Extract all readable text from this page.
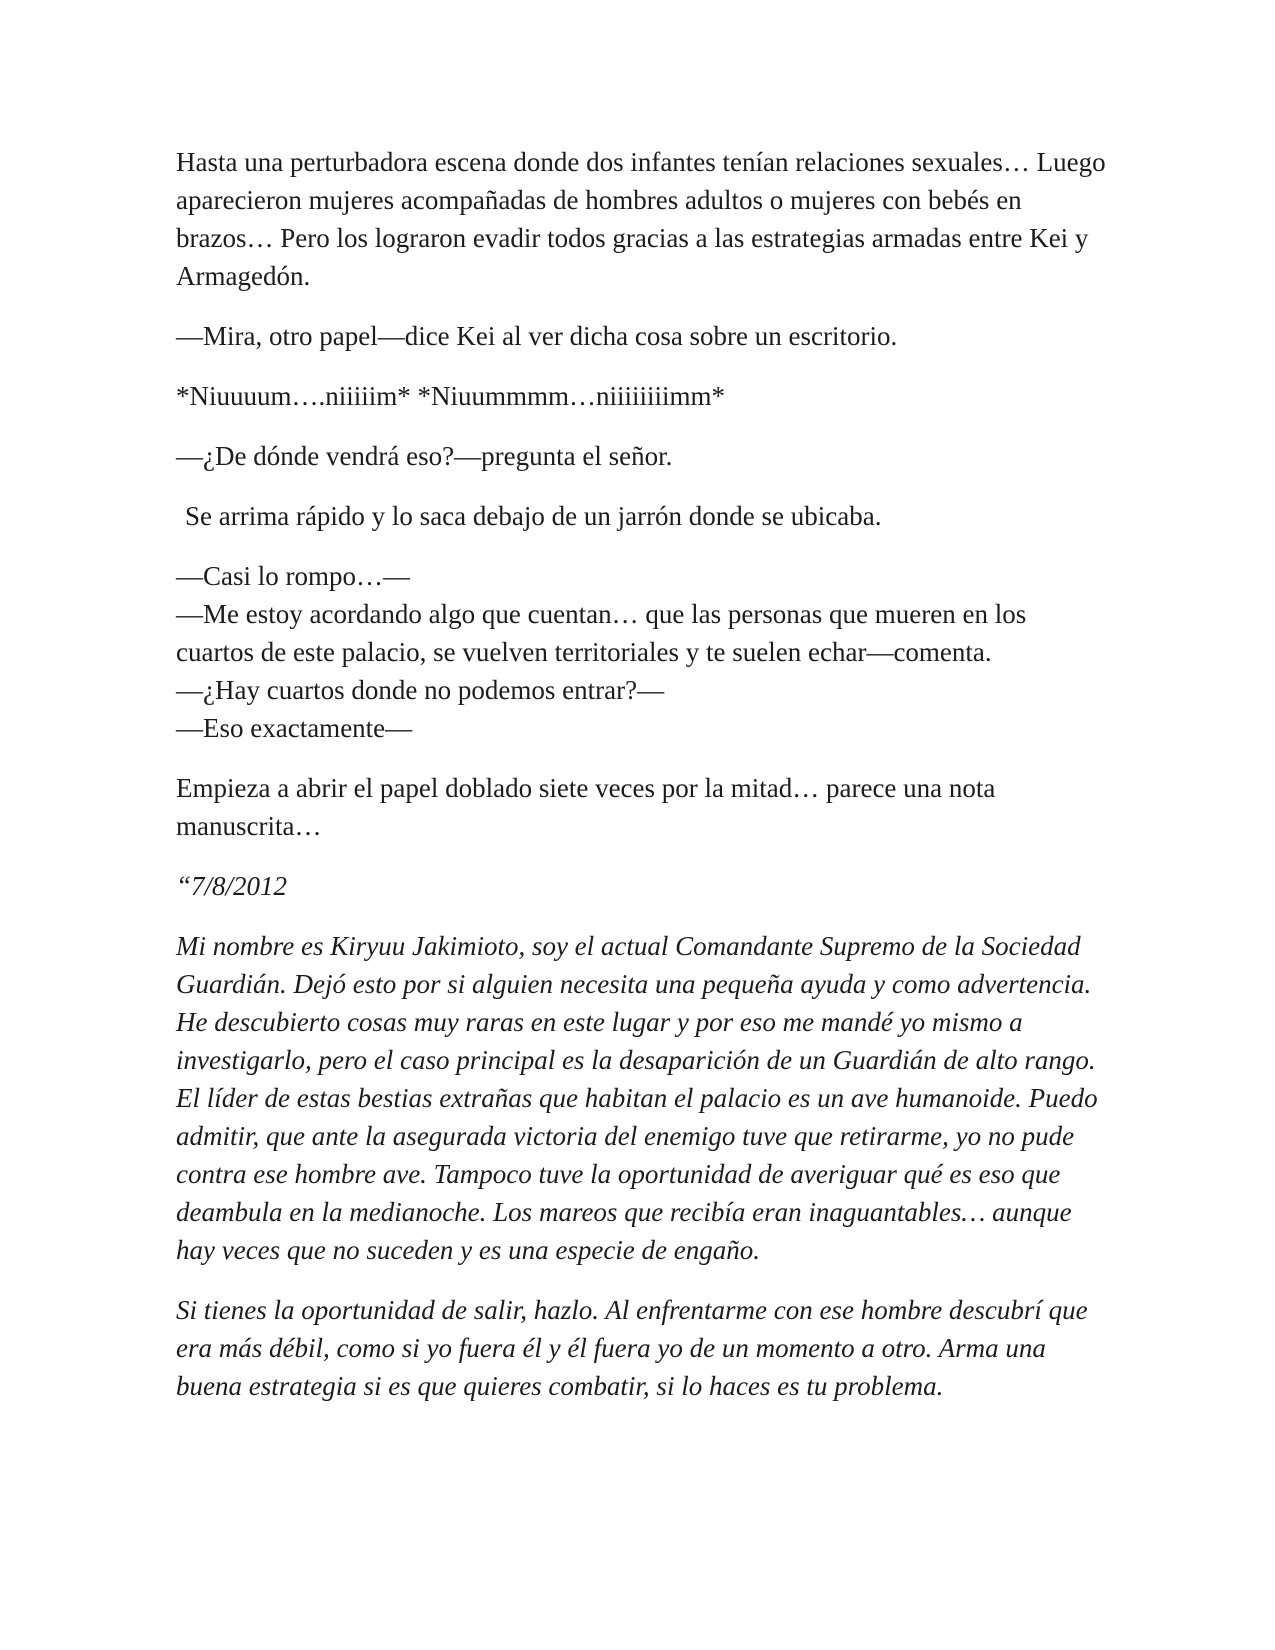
Hasta una perturbadora escena donde dos infantes tenían relaciones sexuales… Luego aparecieron mujeres acompañadas de hombres adultos o mujeres con bebés en brazos… Pero los lograron evadir todos gracias a las estrategias armadas entre Kei y Armagedón.

—Mira, otro papel—dice Kei al ver dicha cosa sobre un escritorio.

*Niuuuum….niiiiim* *Niuummmm…niiiiiiiimm*

—¿De dónde vendrá eso?—pregunta el señor.

Se arrima rápido y lo saca debajo de un jarrón donde se ubicaba.

—Casi lo rompo…—

—Me estoy acordando algo que cuentan… que las personas que mueren en los cuartos de este palacio, se vuelven territoriales y te suelen echar—comenta.

—¿Hay cuartos donde no podemos entrar?—

—Eso exactamente—

Empieza a abrir el papel doblado siete veces por la mitad… parece una nota manuscrita…

“7/8/2012

Mi nombre es Kiryuu Jakimioto, soy el actual Comandante Supremo de la Sociedad Guardián. Dejó esto por si alguien necesita una pequeña ayuda y como advertencia. He descubierto cosas muy raras en este lugar y por eso me mandé yo mismo a investigarlo, pero el caso principal es la desaparición de un Guardián de alto rango. El líder de estas bestias extrañas que habitan el palacio es un ave humanoide. Puedo admitir, que ante la asegurada victoria del enemigo tuve que retirarme, yo no pude contra ese hombre ave. Tampoco tuve la oportunidad de averiguar qué es eso que deambula en la medianoche. Los mareos que recibía eran inaguantables… aunque hay veces que no suceden y es una especie de engaño.

Si tienes la oportunidad de salir, hazlo. Al enfrentarme con ese hombre descubrí que era más débil, como si yo fuera él y él fuera yo de un momento a otro. Arma una buena estrategia si es que quieres combatir, si lo haces es tu problema.
